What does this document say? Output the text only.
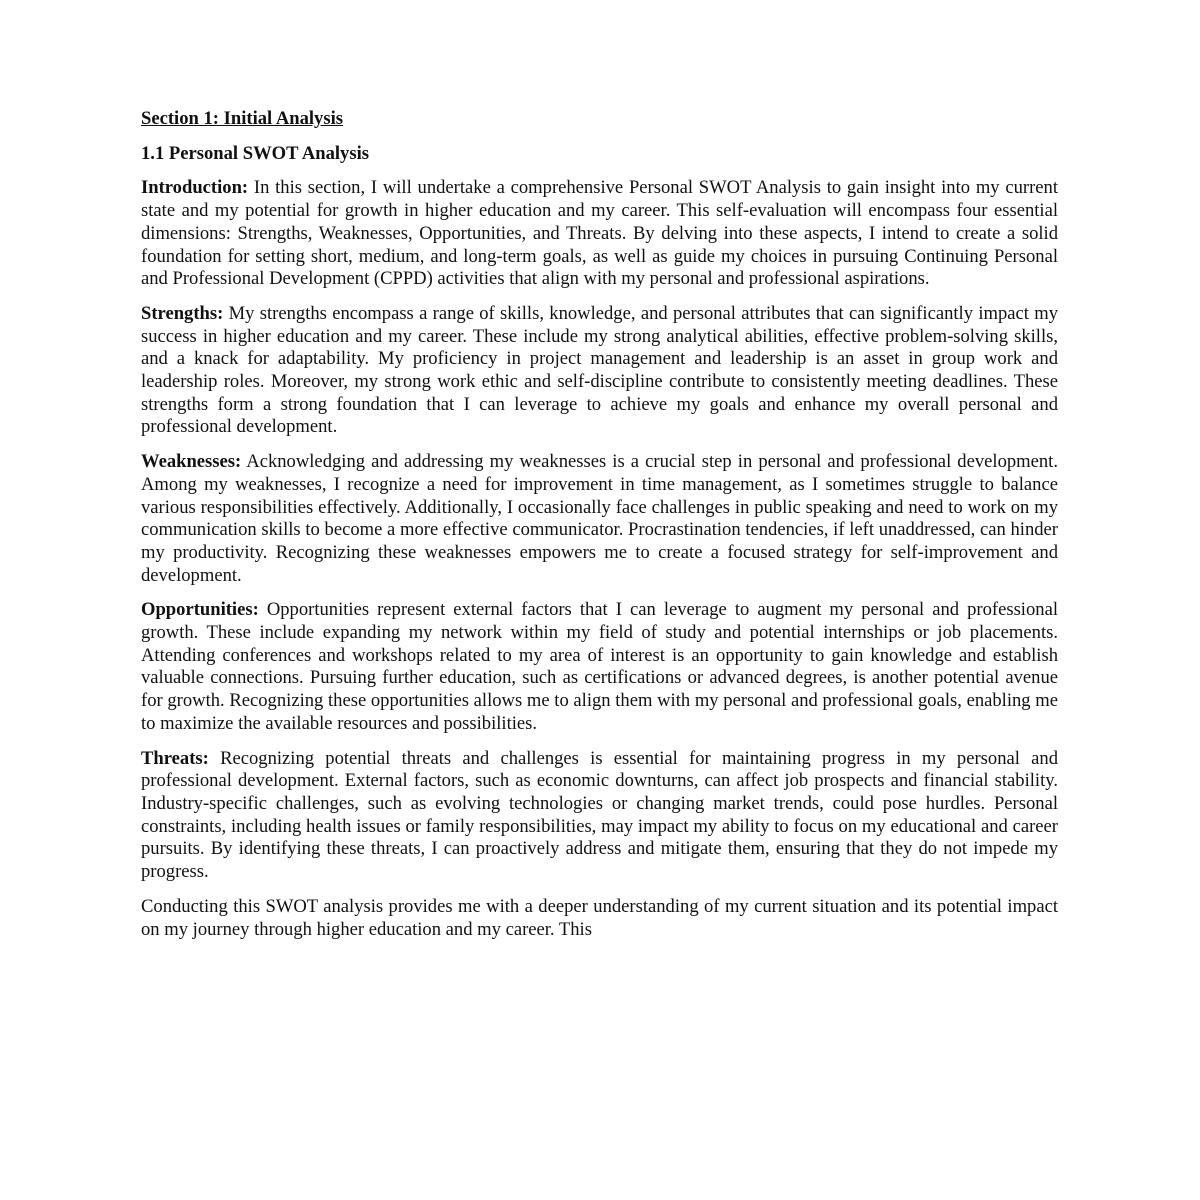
Section 1: Initial Analysis
1.1 Personal SWOT Analysis

Introduction: In this section, I will undertake a comprehensive Personal SWOT Analysis to gain insight into my current state and my potential for growth in higher education and my career. This self-evaluation will encompass four essential dimensions: Strengths, Weaknesses, Opportunities, and Threats. By delving into these aspects, I intend to create a solid foundation for setting short, medium, and long-term goals, as well as guide my choices in pursuing Continuing Personal and Professional Development (CPPD) activities that align with my personal and professional aspirations.

Strengths: My strengths encompass a range of skills, knowledge, and personal attributes that can significantly impact my success in higher education and my career. These include my strong analytical abilities, effective problem-solving skills, and a knack for adaptability. My proficiency in project management and leadership is an asset in group work and leadership roles. Moreover, my strong work ethic and self-discipline contribute to consistently meeting deadlines. These strengths form a strong foundation that I can leverage to achieve my goals and enhance my overall personal and professional development.

Weaknesses: Acknowledging and addressing my weaknesses is a crucial step in personal and professional development. Among my weaknesses, I recognize a need for improvement in time management, as I sometimes struggle to balance various responsibilities effectively. Additionally, I occasionally face challenges in public speaking and need to work on my communication skills to become a more effective communicator. Procrastination tendencies, if left unaddressed, can hinder my productivity. Recognizing these weaknesses empowers me to create a focused strategy for self-improvement and development.

Opportunities: Opportunities represent external factors that I can leverage to augment my personal and professional growth. These include expanding my network within my field of study and potential internships or job placements. Attending conferences and workshops related to my area of interest is an opportunity to gain knowledge and establish valuable connections. Pursuing further education, such as certifications or advanced degrees, is another potential avenue for growth. Recognizing these opportunities allows me to align them with my personal and professional goals, enabling me to maximize the available resources and possibilities.

Threats: Recognizing potential threats and challenges is essential for maintaining progress in my personal and professional development. External factors, such as economic downturns, can affect job prospects and financial stability. Industry-specific challenges, such as evolving technologies or changing market trends, could pose hurdles. Personal constraints, including health issues or family responsibilities, may impact my ability to focus on my educational and career pursuits. By identifying these threats, I can proactively address and mitigate them, ensuring that they do not impede my progress.

Conducting this SWOT analysis provides me with a deeper understanding of my current situation and its potential impact on my journey through higher education and my career. This
